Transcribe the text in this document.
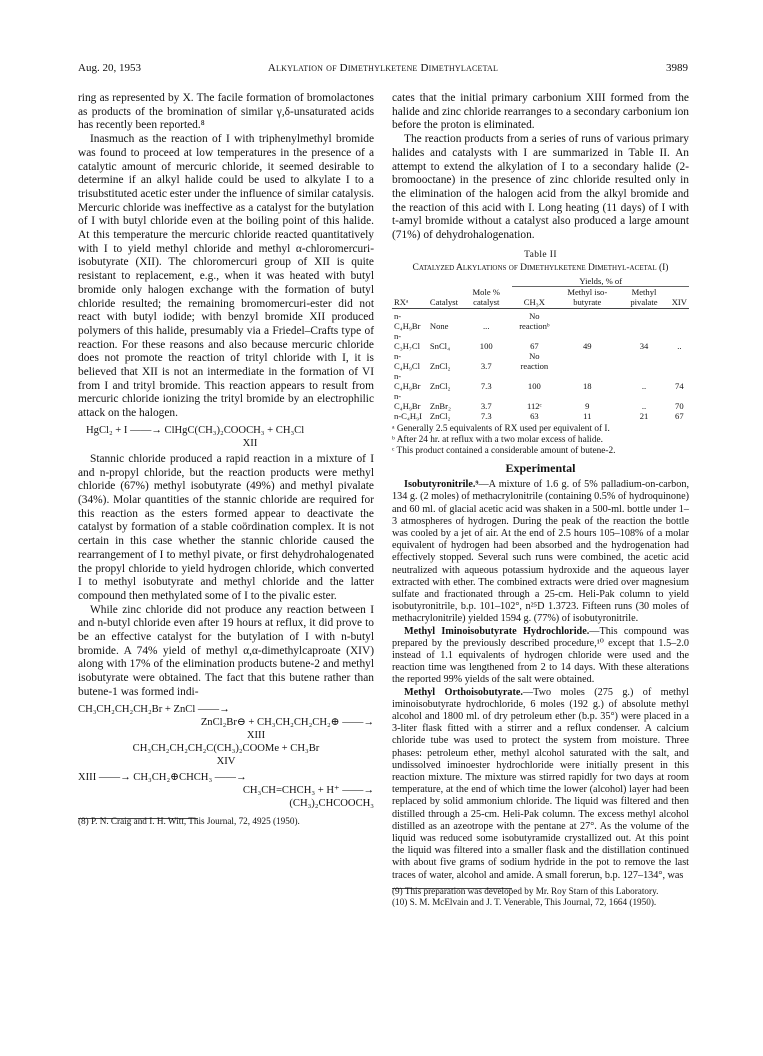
Aug. 20, 1953	Alkylation of Dimethylketene Dimethylacetal	3989

ring as represented by X. The facile formation of bromolactones as products of the bromination of similar γ,δ-unsaturated acids has recently been reported.⁸

Inasmuch as the reaction of I with triphenylmethyl bromide was found to proceed at low temperatures in the presence of a catalytic amount of mercuric chloride, it seemed desirable to determine if an alkyl halide could be used to alkylate I to a trisubstituted acetic ester under the influence of similar catalysis. Mercuric chloride was ineffective as a catalyst for the butylation of I with butyl chloride even at the boiling point of this halide. At this temperature the mercuric chloride reacted quantitatively with I to yield methyl chloride and methyl α-chloromercuri-isobutyrate (XII). The chloromercuri group of XII is quite resistant to replacement, e.g., when it was heated with butyl bromide only halogen exchange with the formation of butyl chloride resulted; the remaining bromomercuri-ester did not react with butyl iodide; with benzyl bromide XII produced polymers of this halide, presumably via a Friedel–Crafts type of reaction. For these reasons and also because mercuric chloride does not promote the reaction of trityl chloride with I, it is believed that XII is not an intermediate in the formation of VI from I and trityl bromide. This reaction appears to result from mercuric chloride ionizing the trityl bromide by an electrophilic attack on the halogen.

HgCl₂ + I ——→ ClHgC(CH₃)₂COOCH₃ + CH₃Cl
XII

Stannic chloride produced a rapid reaction in a mixture of I and n-propyl chloride, but the reaction products were methyl chloride (67%) methyl isobutyrate (49%) and methyl pivalate (34%). Molar quantities of the stannic chloride are required for this reaction as the esters formed appear to deactivate the catalyst by formation of a stable coördination complex. It is not certain in this case whether the stannic chloride caused the rearrangement of I to methyl pivate, or first dehydrohalogenated the propyl chloride to yield hydrogen chloride, which converted I to methyl isobutyrate and methyl chloride and the latter compound then methylated some of I to the pivalic ester.

While zinc chloride did not produce any reaction between I and n-butyl chloride even after 19 hours at reflux, it did prove to be an effective catalyst for the butylation of I with n-butyl bromide. A 74% yield of methyl α,α-dimethylcaproate (XIV) along with 17% of the elimination products butene-2 and methyl isobutyrate were obtained. The fact that this butene rather than butene-1 was formed indi-

CH₃CH₂CH₂CH₂Br + ZnCl ——→
ZnCl₂Br⊖ + CH₃CH₂CH₂CH₂⊕ ——→
XIII
CH₃CH₂CH₂CH₂C(CH₃)₂COOMe + CH₃Br
XIV
XIII ——→ CH₃CH₂⊕CHCH₃ ——→
CH₃CH=CHCH₃ + H⁺ ——→
(CH₃)₂CHCOOCH₃
(8) P. N. Craig and I. H. Witt, This Journal, 72, 4925 (1950).

cates that the initial primary carbonium XIII formed from the halide and zinc chloride rearranges to a secondary carbonium ion before the proton is eliminated.

The reaction products from a series of runs of various primary halides and catalysts with I are summarized in Table II. An attempt to extend the alkylation of I to a secondary halide (2-bromooctane) in the presence of zinc chloride resulted only in the elimination of the halogen acid from the alkyl bromide and the reaction of this acid with I. Long heating (11 days) of I with t-amyl bromide without a catalyst also produced a large amount (71%) of dehydrohalogenation.

Table II
Catalyzed Alkylations of Dimethylketene Dimethyl-acetal (I)
			Yields, % of			
RXᵃ	Catalyst	Mole % catalyst	CH₃X	Methyl iso-butyrate	Methyl pivalate	XIV
n-C₄H₉Br	None	...	No reactionᵇ			
n-C₃H₇Cl	SnCl₄	100	67	49	34	..
n-C₄H₉Cl	ZnCl₂	3.7	No reaction			
n-C₄H₉Br	ZnCl₂	7.3	100	18	..	74
n-C₄H₉Br	ZnBr₂	3.7	112ᶜ	9	..	70
n-C₄H₉I	ZnCl₂	7.3	63	11	21	67
ᵃ Generally 2.5 equivalents of RX used per equivalent of I.
ᵇ After 24 hr. at reflux with a two molar excess of halide.
ᶜ This product contained a considerable amount of butene-2.
Experimental

Isobutyronitrile.⁹—A mixture of 1.6 g. of 5% palladium-on-carbon, 134 g. (2 moles) of methacrylonitrile (containing 0.5% of hydroquinone) and 60 ml. of glacial acetic acid was shaken in a 500-ml. bottle under 1–3 atmospheres of hydrogen. During the peak of the reaction the bottle was cooled by a jet of air. At the end of 2.5 hours 105–108% of a molar equivalent of hydrogen had been absorbed and the hydrogenation had effectively stopped. Several such runs were combined, the acetic acid neutralized with aqueous potassium hydroxide and the aqueous layer extracted with ether. The combined extracts were dried over magnesium sulfate and fractionated through a 25-cm. Heli-Pak column to yield isobutyronitrile, b.p. 101–102°, n²⁵D 1.3723. Fifteen runs (30 moles of methacrylonitrile) yielded 1594 g. (77%) of isobutyronitrile.

Methyl Iminoisobutyrate Hydrochloride.—This compound was prepared by the previously described procedure,¹⁰ except that 1.5–2.0 instead of 1.1 equivalents of hydrogen chloride were used and the reaction time was lengthened from 2 to 14 days. With these alterations the reported 99% yields of the salt were obtained.

Methyl Orthoisobutyrate.—Two moles (275 g.) of methyl iminoisobutyrate hydrochloride, 6 moles (192 g.) of absolute methyl alcohol and 1800 ml. of dry petroleum ether (b.p. 35°) were placed in a 3-liter flask fitted with a stirrer and a reflux condenser. A calcium chloride tube was used to protect the system from moisture. Three phases: petroleum ether, methyl alcohol saturated with the salt, and undissolved iminoester hydrochloride were initially present in this reaction mixture. The mixture was stirred rapidly for two days at room temperature, at the end of which time the lower (alcohol) layer had been replaced by solid ammonium chloride. The liquid was filtered and then distilled through a 25-cm. Heli-Pak column. The excess methyl alcohol distilled as an azeotrope with the pentane at 27°. As the volume of the liquid was reduced some isobutyramide crystallized out. At this point the liquid was filtered into a smaller flask and the distillation continued with about five grams of sodium hydride in the pot to remove the last traces of water, alcohol and amide. A small forerun, b.p. 127–134°, was

(9) This preparation was developed by Mr. Roy Starn of this Laboratory.
(10) S. M. McElvain and J. T. Venerable, This Journal, 72, 1664 (1950).
